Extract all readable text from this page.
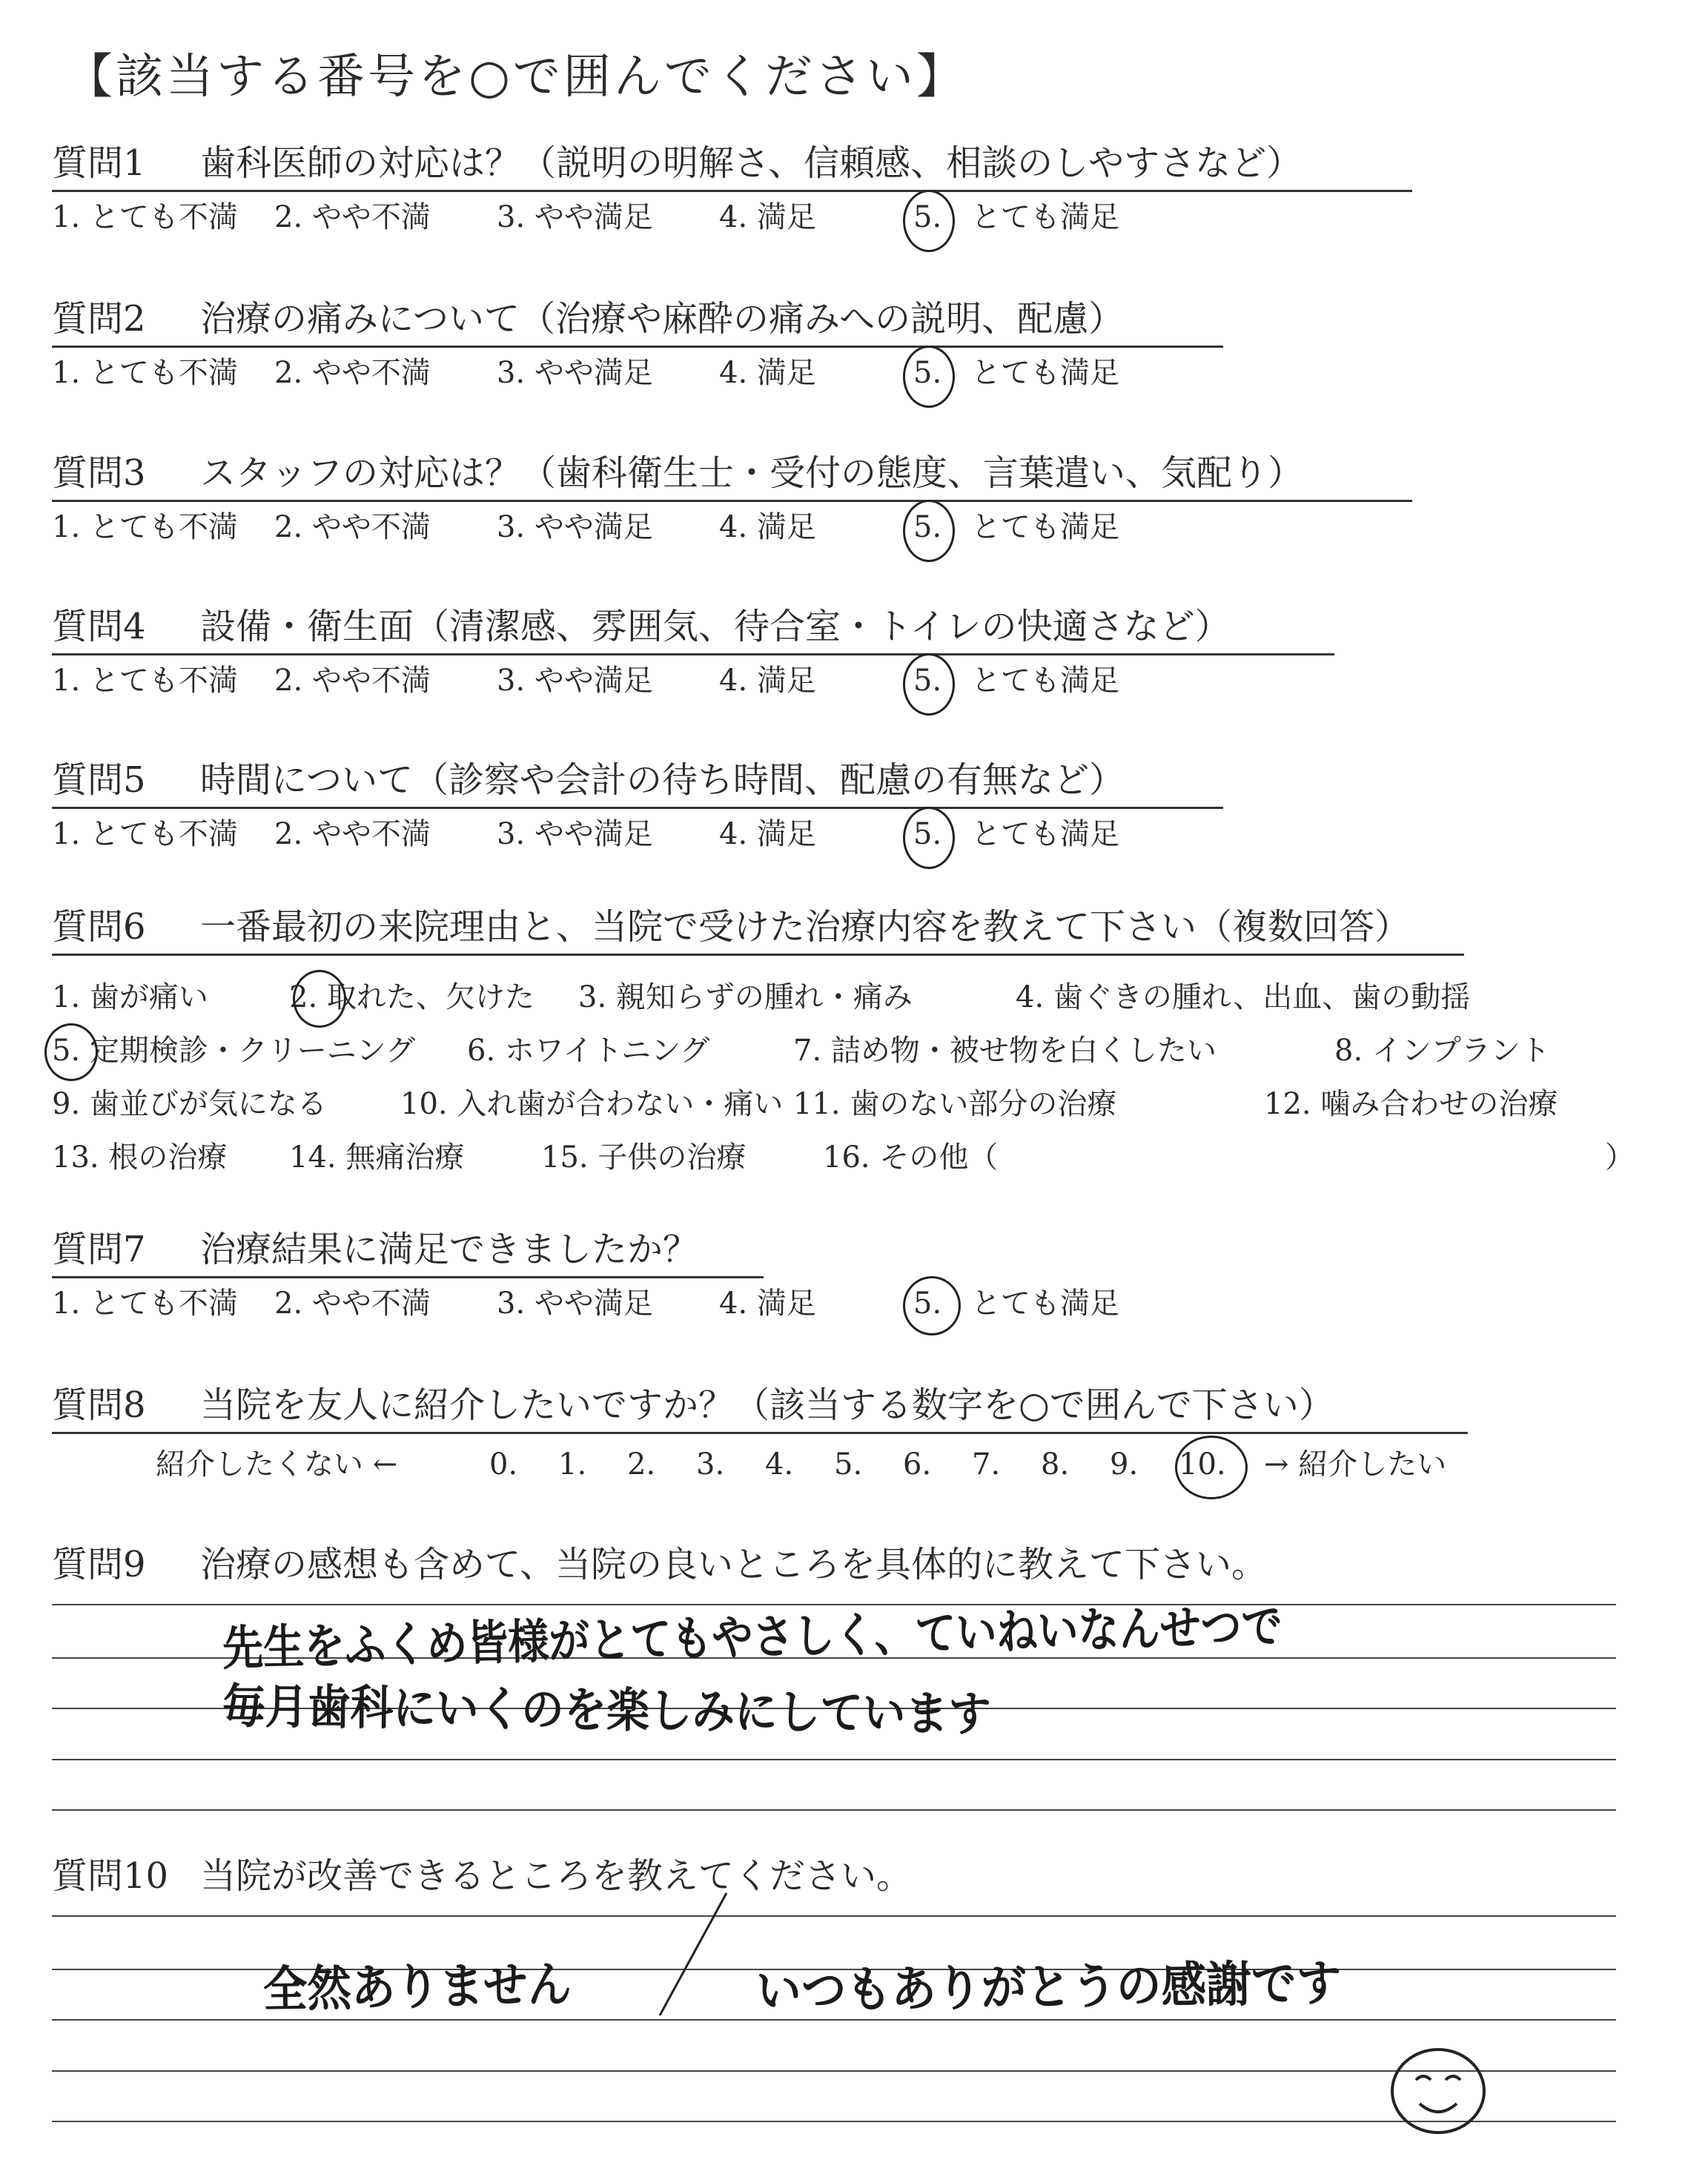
【該当する番号を○で囲んでください】
質問1 歯科医師の対応は？（説明の明解さ、信頼感、相談のしやすさなど）
1. とても不満 2. やや不満 3. やや満足 4. 満足	5. とても満足
質問2 治療の痛みについて（治療や麻酔の痛みへの説明、配慮）
1. とても不満 2. やや不満 3. やや満足 4. 満足	5. とても満足
質問3 スタッフの対応は？（歯科衛生士・受付の態度、言葉遣い、気配り）
1. とても不満 2. やや不満 3. やや満足 4. 満足	5. とても満足
質問4 設備・衛生面（清潔感、雰囲気、待合室・トイレの快適さなど）
1. とても不満 2. やや不満 3. やや満足 4. 満足	5. とても満足
質問5 時間について（診察や会計の待ち時間、配慮の有無など）
1. とても不満 2. やや不満 3. やや満足 4. 満足	5. とても満足
質問6 一番最初の来院理由と、当院で受けた治療内容を教えて下さい（複数回答）
1. 歯が痛い	2. 取れた、欠けた 3. 親知らずの腫れ・痛み	4. 歯ぐきの腫れ、出血、歯の動揺
5. 定期検診・クリーニング 6. ホワイトニング	7. 詰め物・被せ物を白くしたい	8. インプラント
9. 歯並びが気になる 10. 入れ歯が合わない・痛い 11. 歯のない部分の治療	12. 噛み合わせの治療
13. 根の治療 14. 無痛治療	15. 子供の治療	16. その他（	）
質問7 治療結果に満足できましたか？
1. とても不満 2. やや不満 3. やや満足 4. 満足	5. とても満足
質問8 当院を友人に紹介したいですか？（該当する数字を○で囲んで下さい）
紹介したくない ←	0. 1. 2. 3. 4. 5. 6. 7. 8. 9. 10. → 紹介したい
質問9 治療の感想も含めて、当院の良いところを具体的に教えて下さい。
先生をふくめ皆様がとてもやさしく、ていねいなんせつで
毎月歯科にいくのを楽しみにしています
質問10 当院が改善できるところを教えてください。
全然ありません	いつもありがとうの感謝です
